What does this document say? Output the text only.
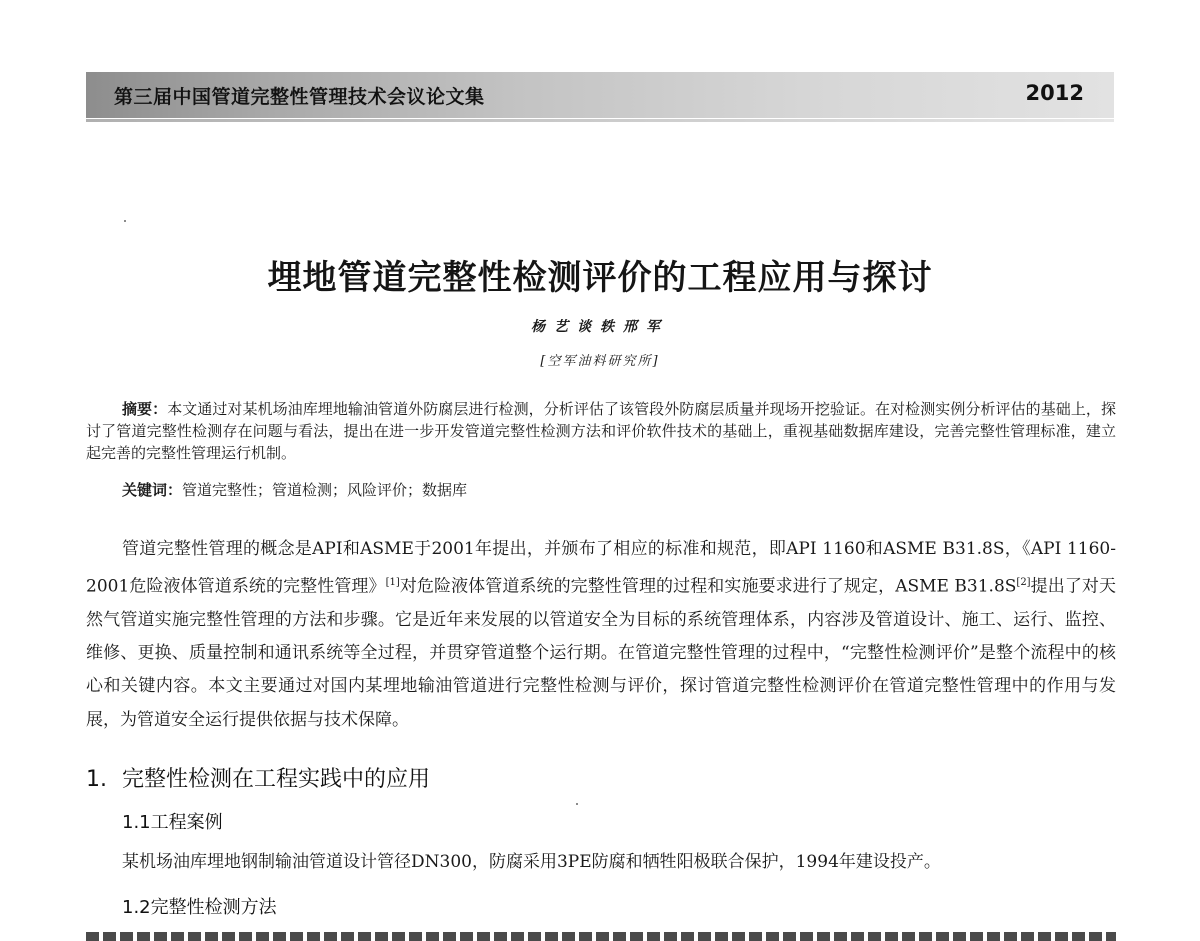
第三届中国管道完整性管理技术会议论文集	2012
埋地管道完整性检测评价的工程应用与探讨
杨艺谈轶邢军
[空军油料研究所]
摘要：本文通过对某机场油库埋地输油管道外防腐层进行检测，分析评估了该管段外防腐层质量并现场开挖验证。在对检测实例分析评估的基础上，探讨了管道完整性检测存在问题与看法，提出在进一步开发管道完整性检测方法和评价软件技术的基础上，重视基础数据库建设，完善完整性管理标准，建立起完善的完整性管理运行机制。
关键词：管道完整性；管道检测；风险评价；数据库
管道完整性管理的概念是API和ASME于2001年提出，并颁布了相应的标准和规范，即API 1160和ASME B31.8S，《API 1160-2001危险液体管道系统的完整性管理》[1]对危险液体管道系统的完整性管理的过程和实施要求进行了规定，ASME B31.8S[2]提出了对天然气管道实施完整性管理的方法和步骤。它是近年来发展的以管道安全为目标的系统管理体系，内容涉及管道设计、施工、运行、监控、维修、更换、质量控制和通讯系统等全过程，并贯穿管道整个运行期。在管道完整性管理的过程中，“完整性检测评价”是整个流程中的核心和关键内容。本文主要通过对国内某埋地输油管道进行完整性检测与评价，探讨管道完整性检测评价在管道完整性管理中的作用与发展，为管道安全运行提供依据与技术保障。
1. 完整性检测在工程实践中的应用
1.1工程案例
某机场油库埋地钢制输油管道设计管径DN300，防腐采用3PE防腐和牺牲阳极联合保护，1994年建设投产。
1.2完整性检测方法
